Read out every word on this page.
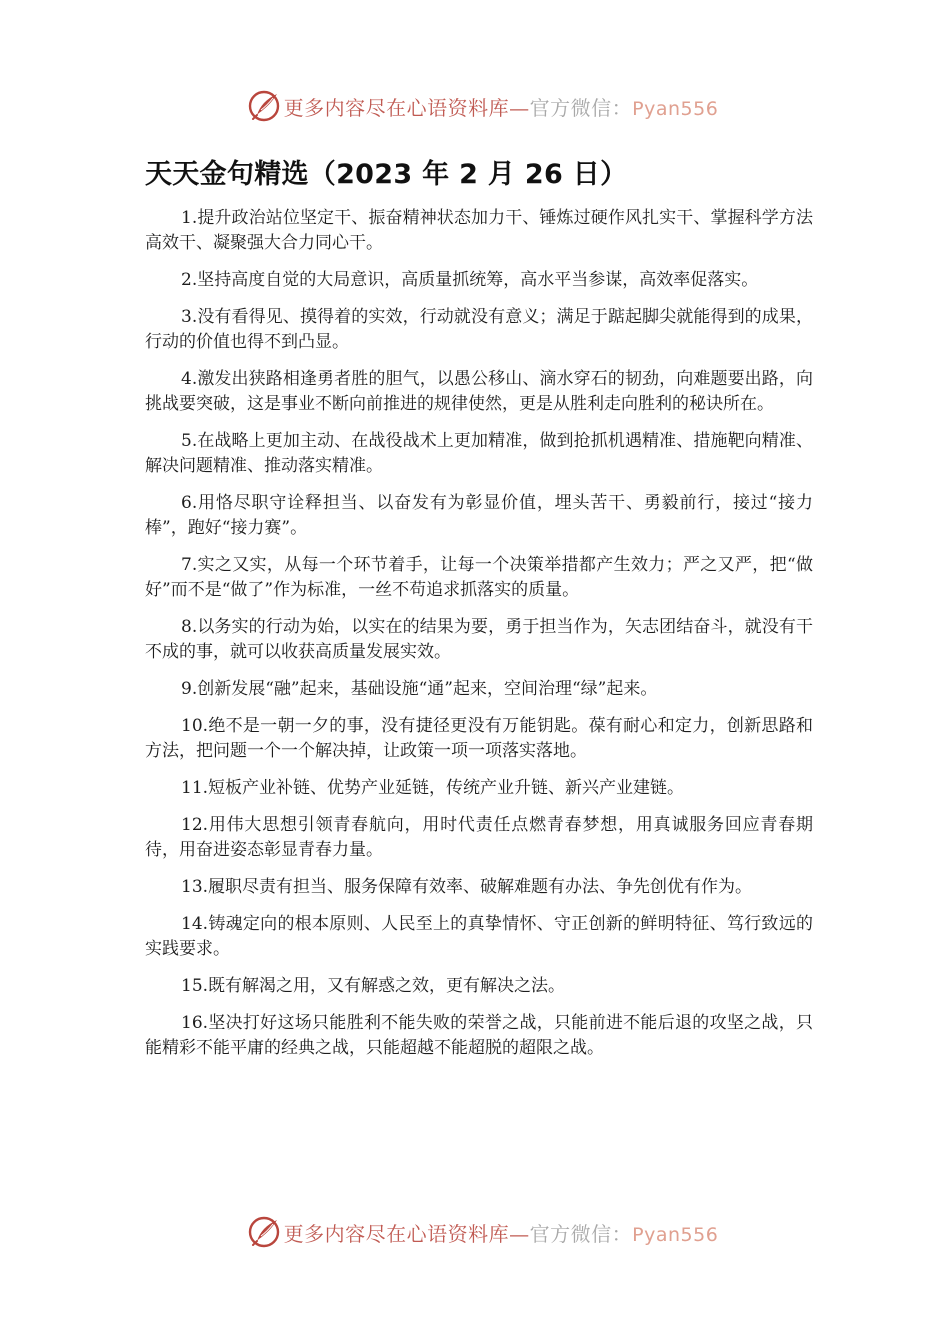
更多内容尽在心语资料库—官方微信：Pyan556
天天金句精选（2023 年 2 月 26 日）

1.提升政治站位坚定干、振奋精神状态加力干、锤炼过硬作风扎实干、掌握科学方法高效干、凝聚强大合力同心干。

2.坚持高度自觉的大局意识，高质量抓统筹，高水平当参谋，高效率促落实。

3.没有看得见、摸得着的实效，行动就没有意义；满足于踮起脚尖就能得到的成果，行动的价值也得不到凸显。

4.激发出狭路相逢勇者胜的胆气，以愚公移山、滴水穿石的韧劲，向难题要出路，向挑战要突破，这是事业不断向前推进的规律使然，更是从胜利走向胜利的秘诀所在。

5.在战略上更加主动、在战役战术上更加精准，做到抢抓机遇精准、措施靶向精准、解决问题精准、推动落实精准。

6.用恪尽职守诠释担当、以奋发有为彰显价值，埋头苦干、勇毅前行，接过“接力棒”，跑好“接力赛”。

7.实之又实，从每一个环节着手，让每一个决策举措都产生效力；严之又严，把“做好”而不是“做了”作为标准，一丝不苟追求抓落实的质量。

8.以务实的行动为始，以实在的结果为要，勇于担当作为，矢志团结奋斗，就没有干不成的事，就可以收获高质量发展实效。

9.创新发展“融”起来，基础设施“通”起来，空间治理“绿”起来。

10.绝不是一朝一夕的事，没有捷径更没有万能钥匙。葆有耐心和定力，创新思路和方法，把问题一个一个解决掉，让政策一项一项落实落地。

11.短板产业补链、优势产业延链，传统产业升链、新兴产业建链。

12.用伟大思想引领青春航向，用时代责任点燃青春梦想，用真诚服务回应青春期待，用奋进姿态彰显青春力量。

13.履职尽责有担当、服务保障有效率、破解难题有办法、争先创优有作为。

14.铸魂定向的根本原则、人民至上的真挚情怀、守正创新的鲜明特征、笃行致远的实践要求。

15.既有解渴之用，又有解惑之效，更有解决之法。

16.坚决打好这场只能胜利不能失败的荣誉之战，只能前进不能后退的攻坚之战，只能精彩不能平庸的经典之战，只能超越不能超脱的超限之战。

更多内容尽在心语资料库—官方微信：Pyan556
